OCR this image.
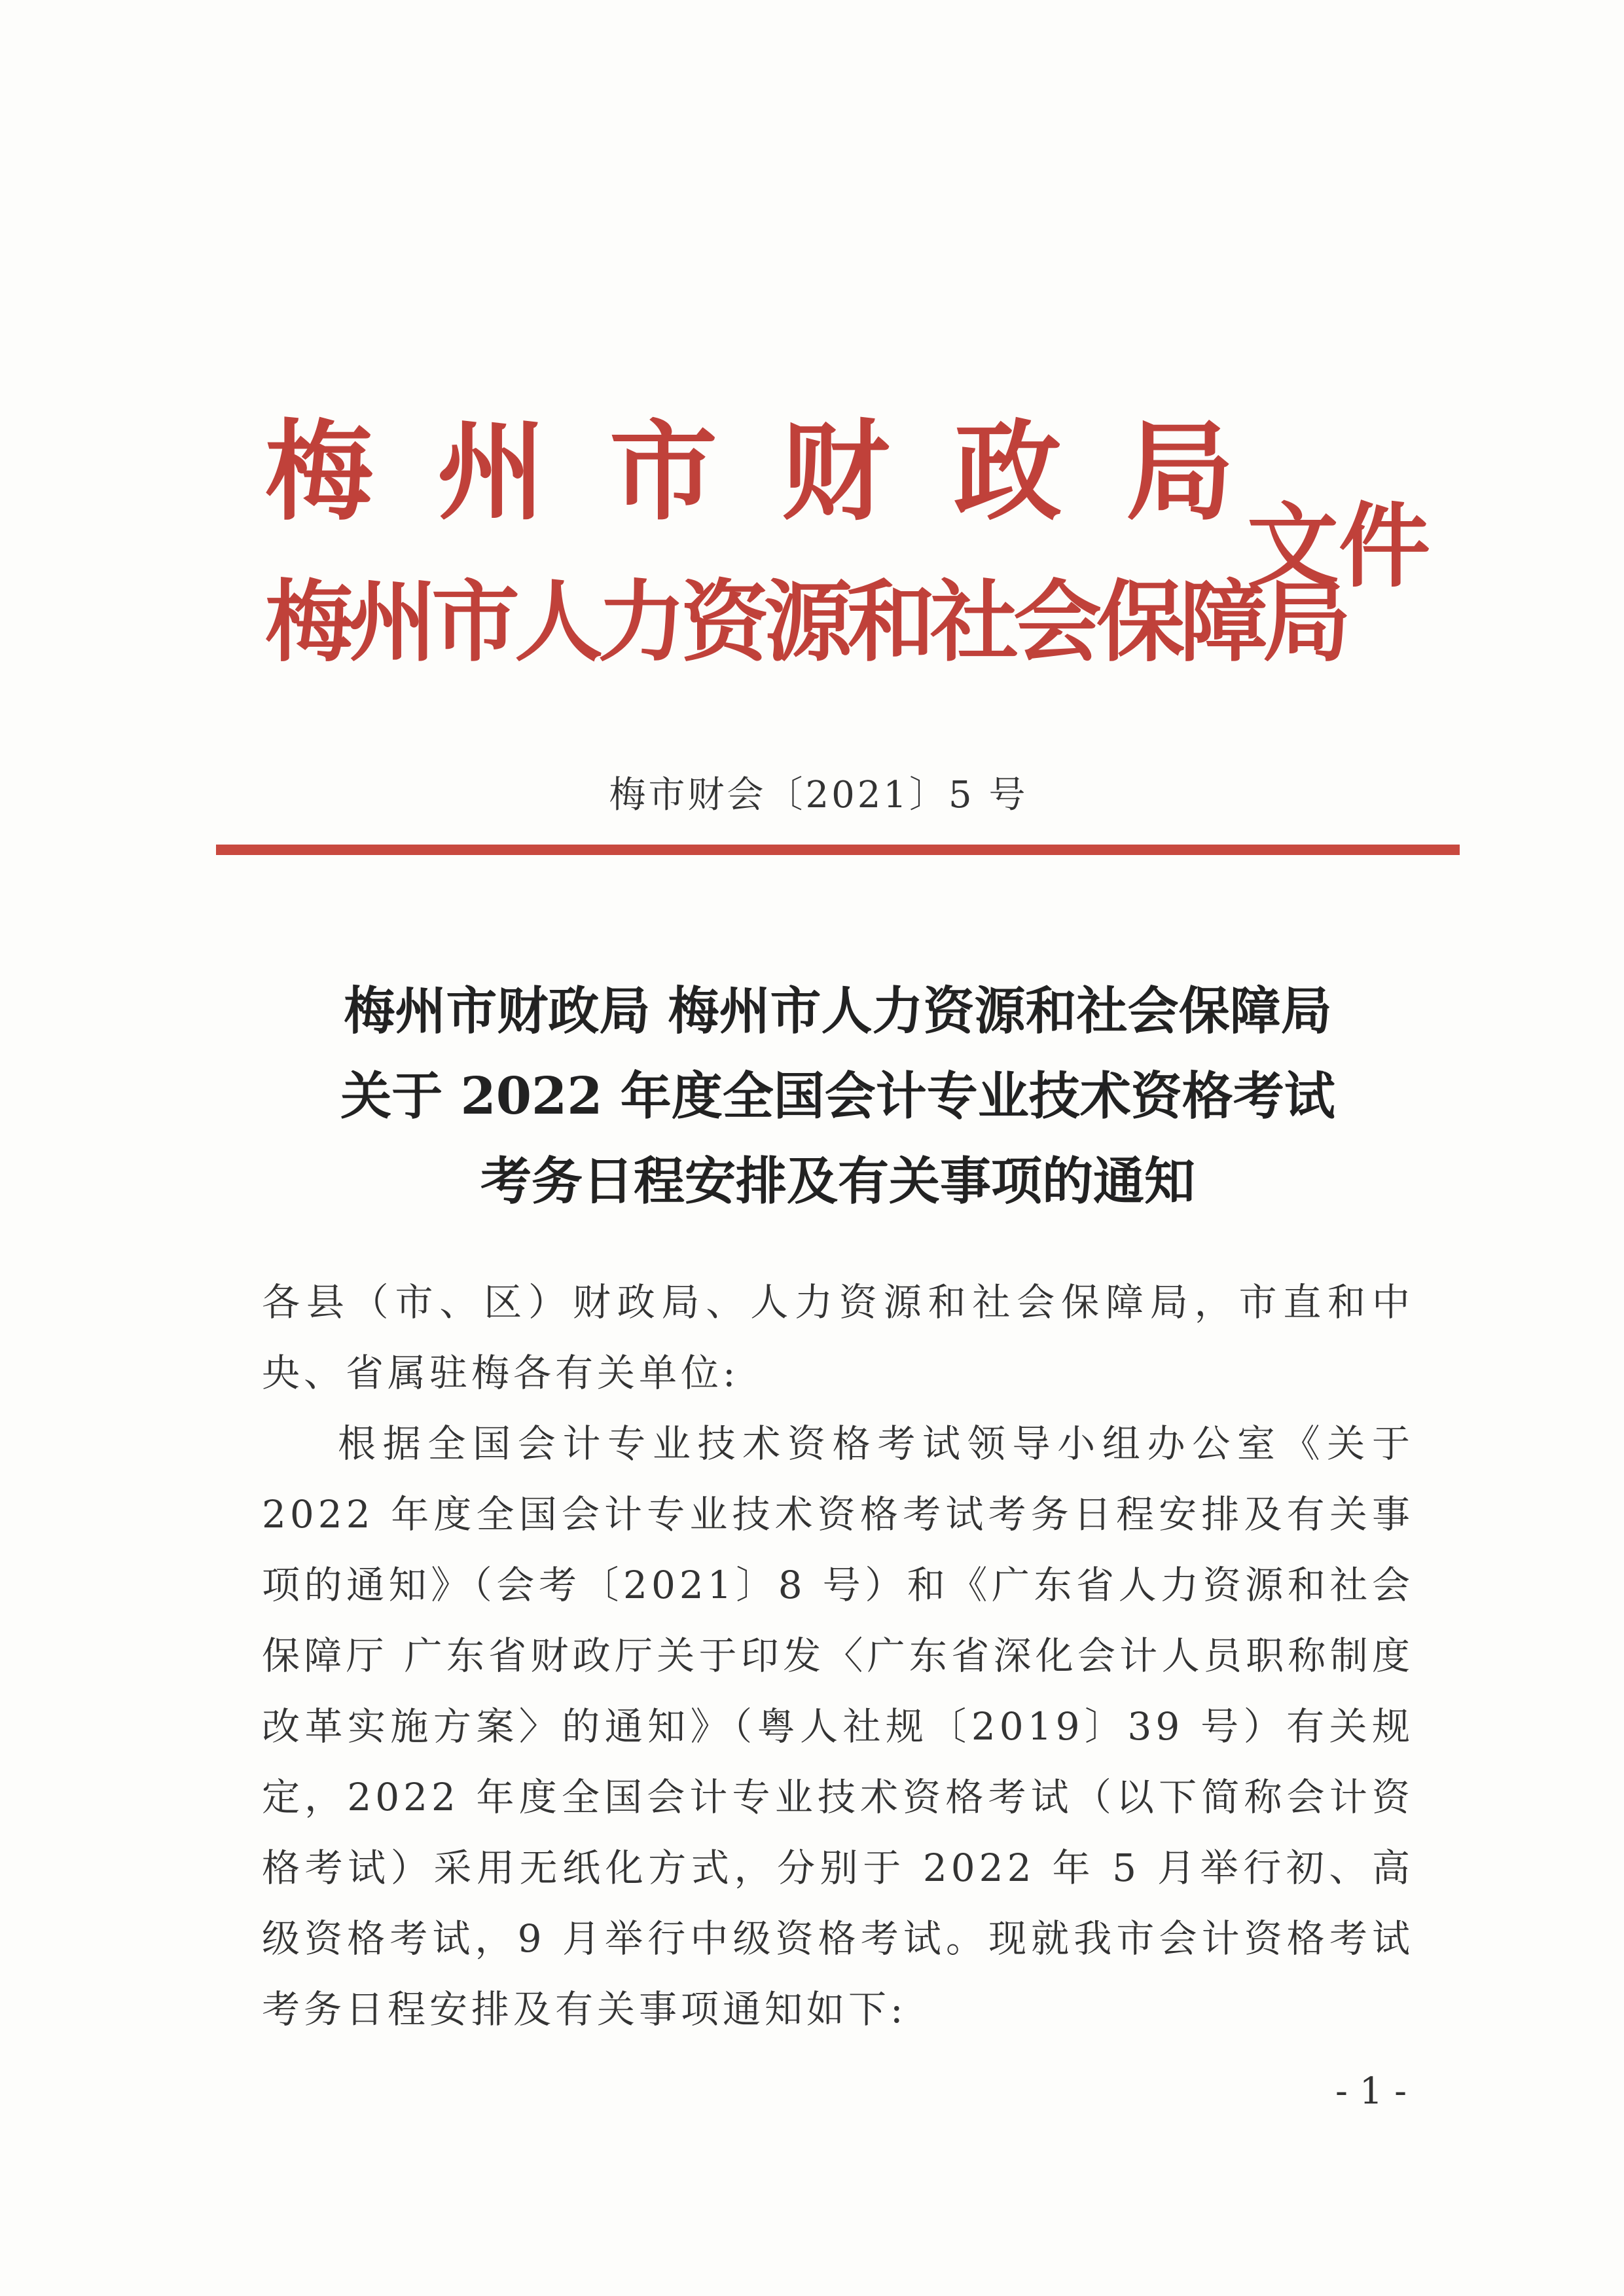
梅 州 市 财 政 局
梅州市人力资源和社会保障局
文件
梅市财会〔2021〕5 号
梅州市财政局 梅州市人力资源和社会保障局
关于 2022 年度全国会计专业技术资格考试
考务日程安排及有关事项的通知

各县（市、区）财政局、人力资源和社会保障局，市直和中央、省属驻梅各有关单位:

根据全国会计专业技术资格考试领导小组办公室《关于 2022 年度全国会计专业技术资格考试考务日程安排及有关事项的通知》（会考〔2021〕8 号）和《广东省人力资源和社会保障厅 广东省财政厅关于印发〈广东省深化会计人员职称制度改革实施方案〉的通知》（粤人社规〔2019〕39 号）有关规定，2022 年度全国会计专业技术资格考试（以下简称会计资格考试）采用无纸化方式，分别于 2022 年 5 月举行初、高级资格考试，9 月举行中级资格考试。现就我市会计资格考试考务日程安排及有关事项通知如下:

- 1 -
